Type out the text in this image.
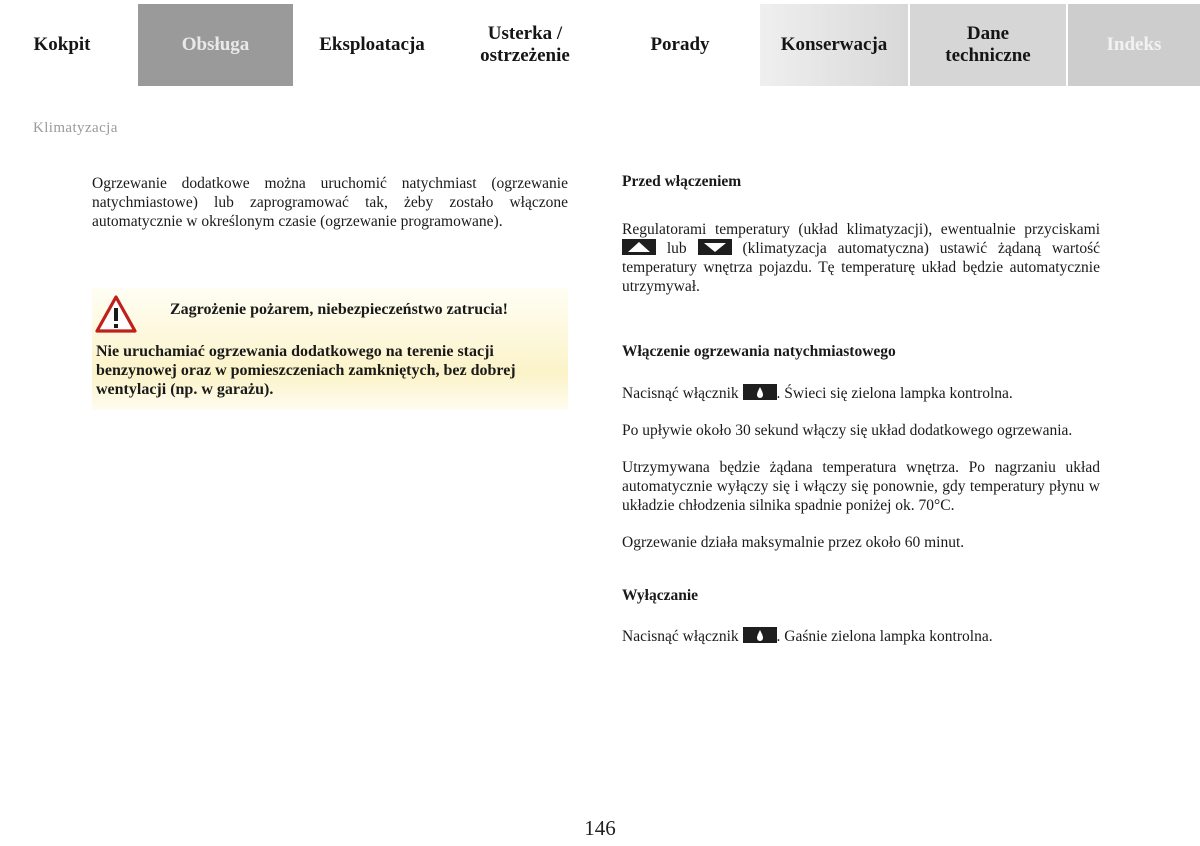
Kokpit	Obsługa	Eksploatacja
Usterka /
ostrzeżenie
Porady	Konserwacja
Dane
techniczne
Indeks
Klimatyzacja

Ogrzewanie dodatkowe można uruchomić natychmiast (ogrzewanie natychmiastowe) lub zaprogramować tak, żeby zostało włączone automatycznie w określonym czasie (ogrzewanie programowane).

Zagrożenie pożarem, niebezpieczeństwo zatrucia!
Nie uruchamiać ogrzewania dodatkowego na terenie stacji benzynowej oraz w pomieszczeniach zamkniętych, bez dobrej wentylacji (np. w garażu).
Przed włączeniem

Regulatorami temperatury (układ klimatyzacji), ewentualnie przyciskami
lub	(klimatyzacja automatyczna) ustawić żądaną wartość temperatury wnętrza pojazdu. Tę temperaturę układ będzie automatycznie utrzymywał.

Włączenie ogrzewania natychmiastowego

Nacisnąć włącznik . Świeci się zielona lampka kontrolna.

Po upływie około 30 sekund włączy się układ dodatkowego ogrzewania.

Utrzymywana będzie żądana temperatura wnętrza. Po nagrzaniu układ automatycznie wyłączy się i włączy się ponownie, gdy temperatury płynu w układzie chłodzenia silnika spadnie poniżej ok. 70°C.

Ogrzewanie działa maksymalnie przez około 60 minut.

Wyłączanie

Nacisnąć włącznik . Gaśnie zielona lampka kontrolna.

146
